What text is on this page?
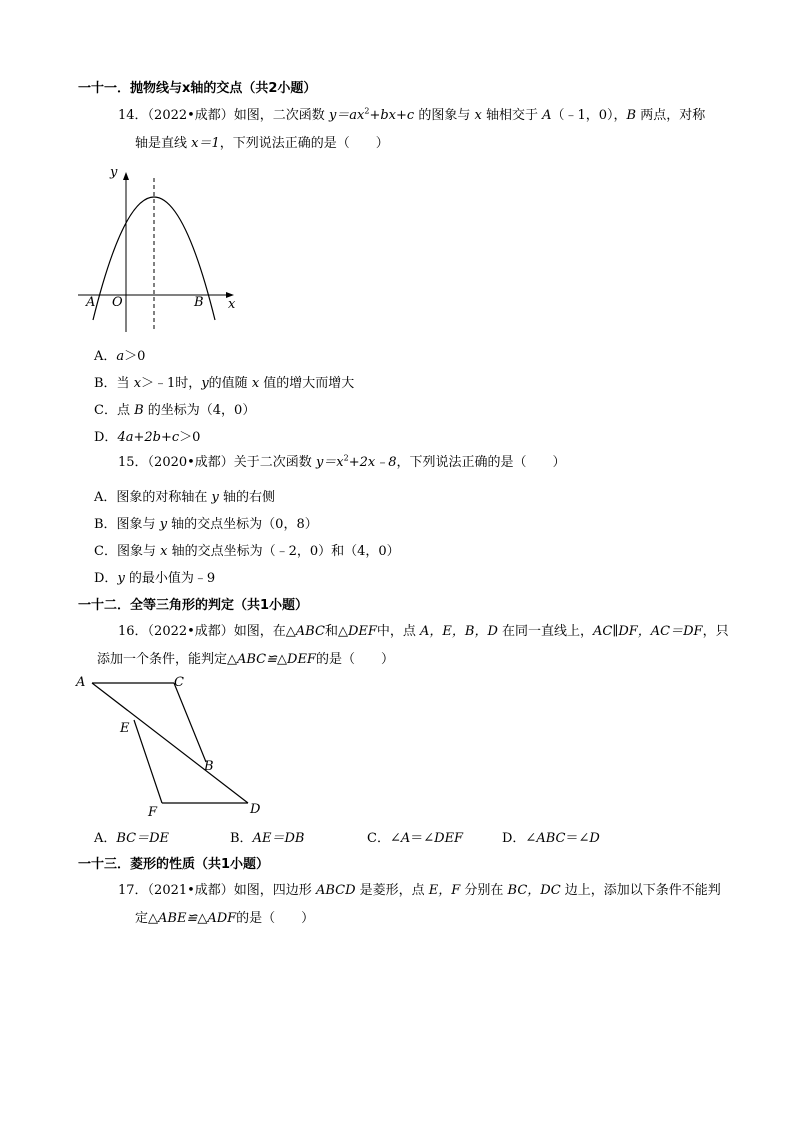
一十一．抛物线与x轴的交点（共2小题）
14．（2022•成都）如图，二次函数 $y=ax^2+bx+c$ 的图象与 x 轴相交于 A（﹣1，0），B 两点，对称
轴是直线 x＝1，下列说法正确的是（　　）
y
x
A O	B
A．a＞0
B．当 x＞﹣1时，y的值随 x 值的增大而增大
C．点 B 的坐标为（4，0）
D．4a+2b+c＞0
15．（2020•成都）关于二次函数 $y=x^2+2x﹣8$，下列说法正确的是（　　）
A．图象的对称轴在 y 轴的右侧
B．图象与 y 轴的交点坐标为（0，8）
C．图象与 x 轴的交点坐标为（﹣2，0）和（4，0）
D．y 的最小值为﹣9
一十二．全等三角形的判定（共1小题）
16．（2022•成都）如图，在△ABC和△DEF中，点 A，E，B，D 在同一直线上，AC∥DF，AC＝DF，只
添加一个条件，能判定△ABC≌△DEF的是（　　）
A	C
E
B
F	D
A．BC＝DE	B．AE＝DB	C．∠A＝∠DEF	D．∠ABC＝∠D
一十三．菱形的性质（共1小题）
17．（2021•成都）如图，四边形 ABCD 是菱形，点 E，F 分别在 BC，DC 边上，添加以下条件不能判
定△ABE≌△ADF的是（　　）
